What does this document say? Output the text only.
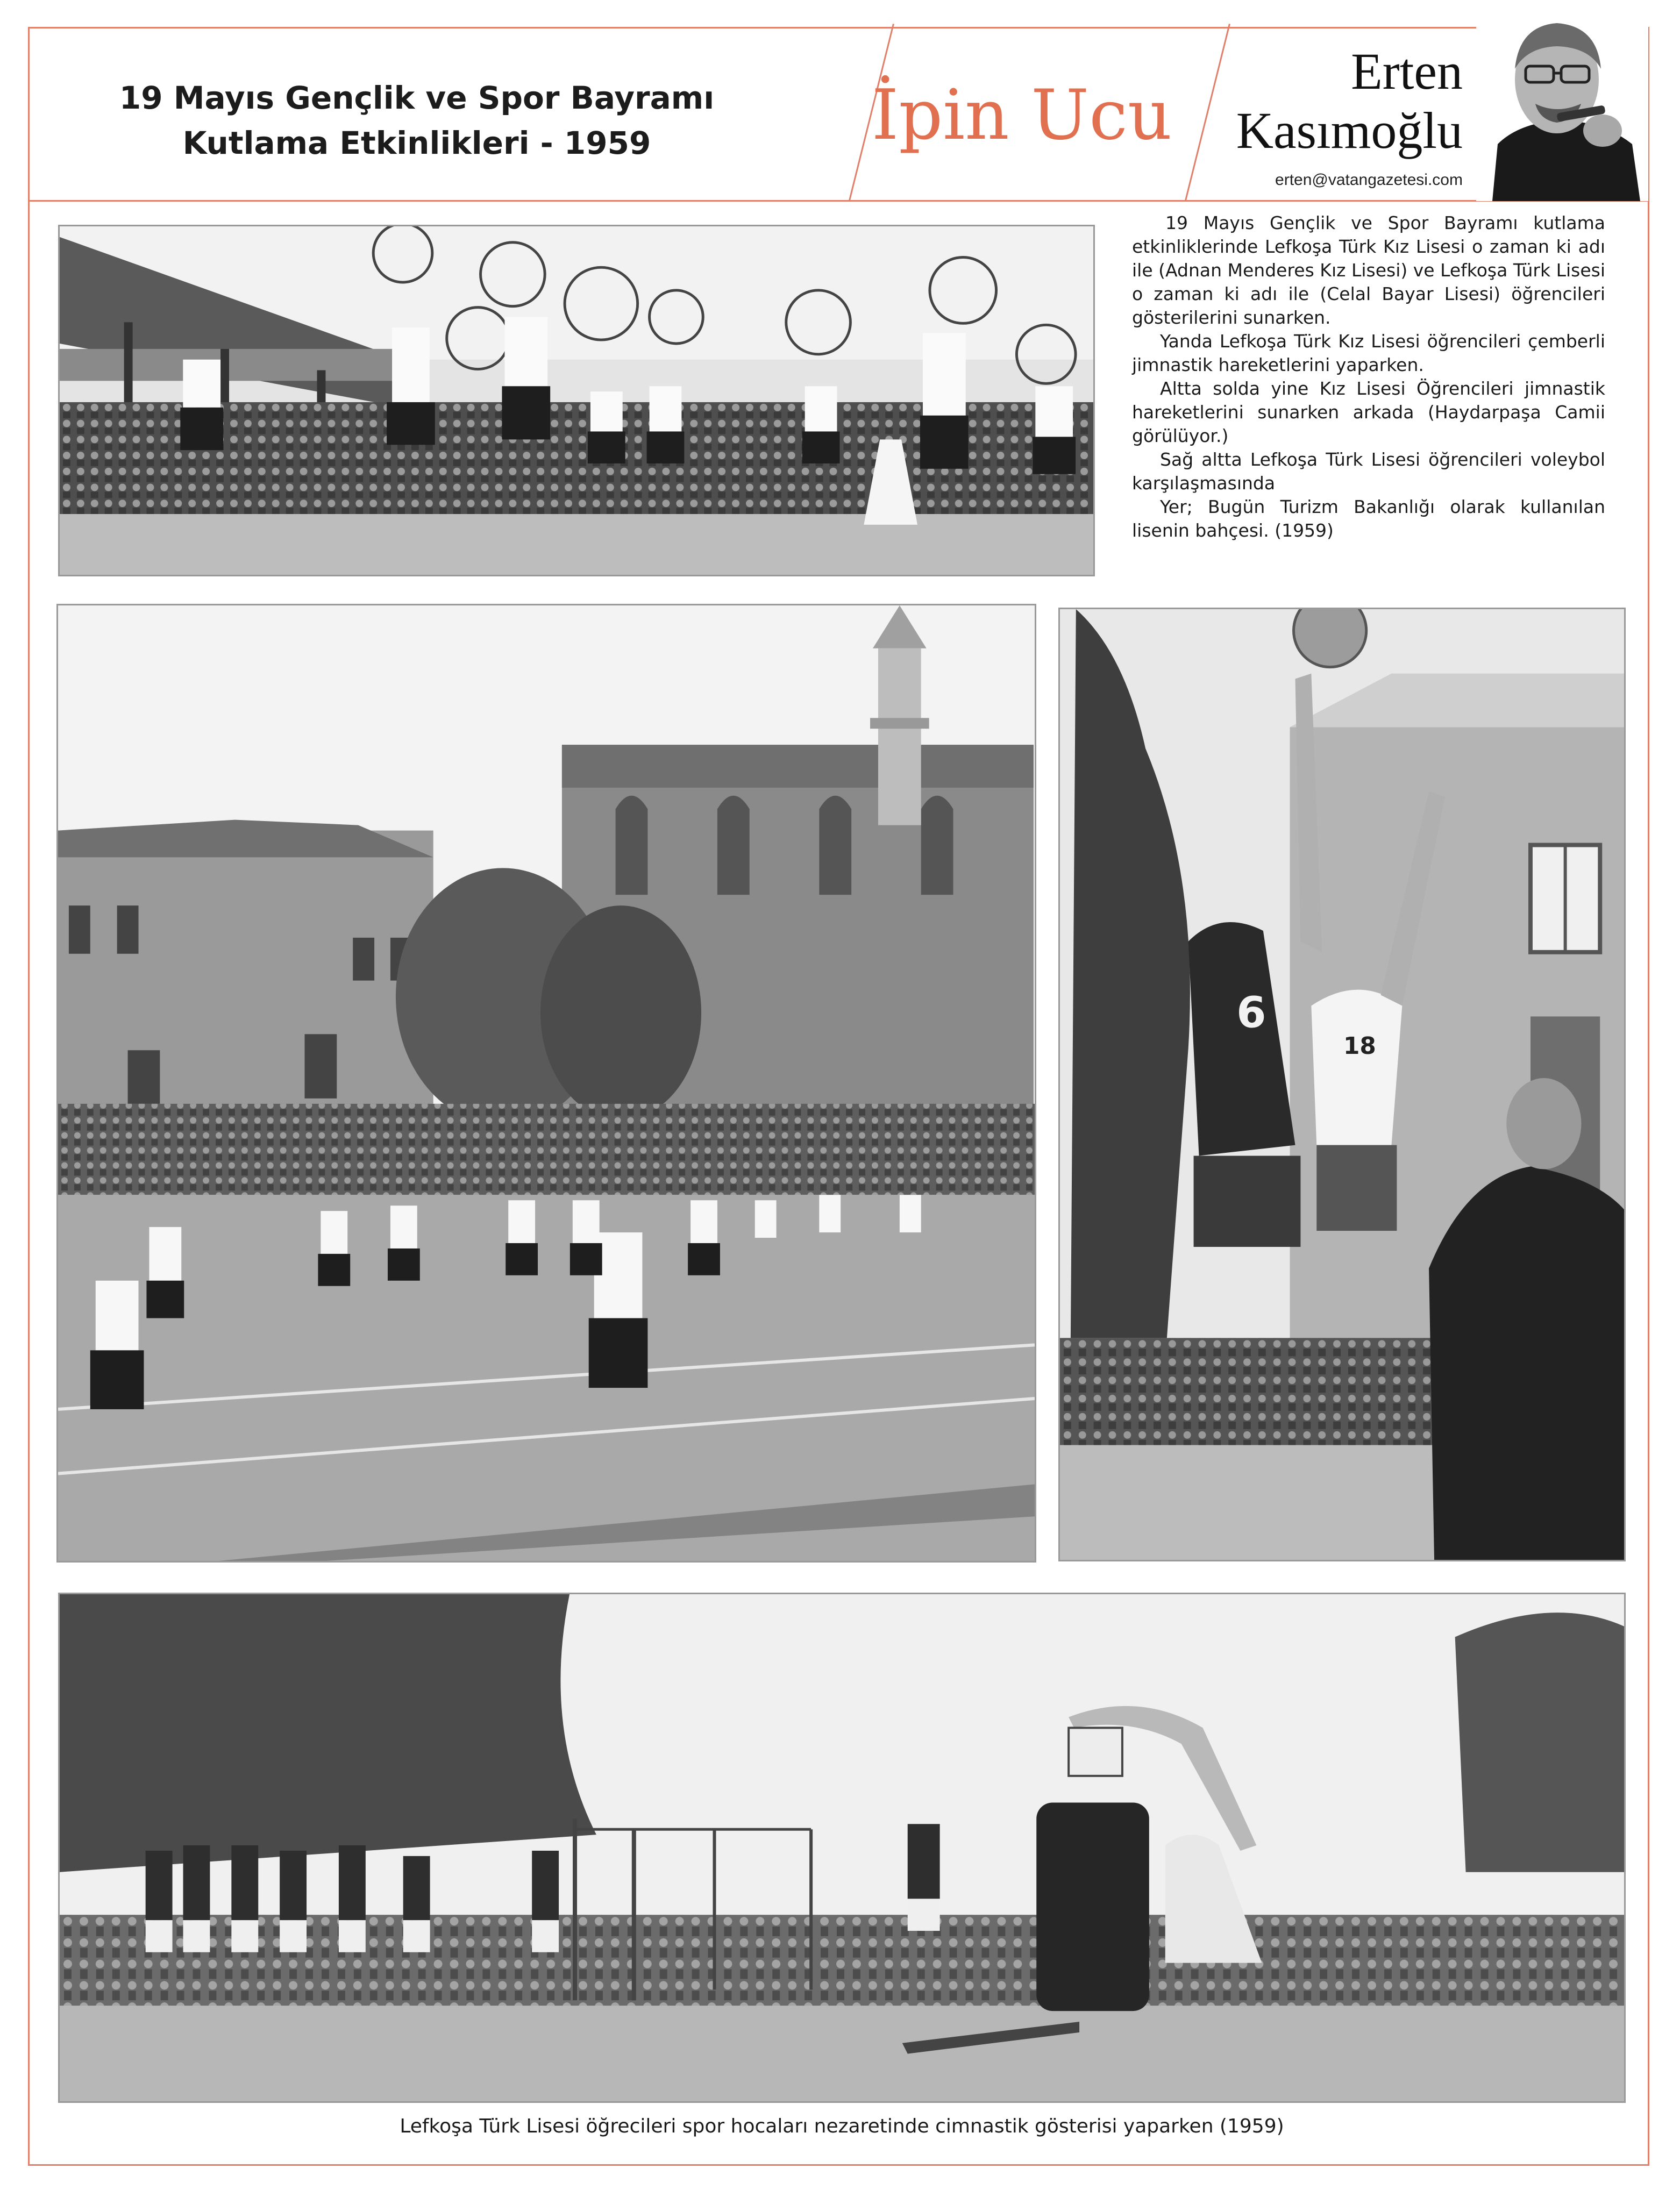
19 Mayıs Gençlik ve Spor Bayramı
Kutlama Etkinlikleri - 1959	İpin Ucu
Erten
Kasımoğlu
erten@vatangazetesi.com
6
18

19 Mayıs Gençlik ve Spor Bayramı kutlama etkinliklerinde Lefkoşa Türk Kız Lisesi o zaman ki adı ile (Adnan Menderes Kız Lisesi) ve Lefkoşa Türk Lisesi o zaman ki adı ile (Celal Bayar Lisesi) öğrencileri gösterilerini sunarken.

Yanda Lefkoşa Türk Kız Lisesi öğrencileri çemberli jimnastik hareketlerini yaparken.

Altta solda yine Kız Lisesi Öğrencileri jimnastik hareketlerini sunarken arkada (Haydarpaşa Camii görülüyor.)

Sağ altta Lefkoşa Türk Lisesi öğrencileri voleybol karşılaşmasında

Yer; Bugün Turizm Bakanlığı olarak kullanılan lisenin bahçesi. (1959)

Lefkoşa Türk Lisesi öğrecileri spor hocaları nezaretinde cimnastik gösterisi yaparken (1959)
